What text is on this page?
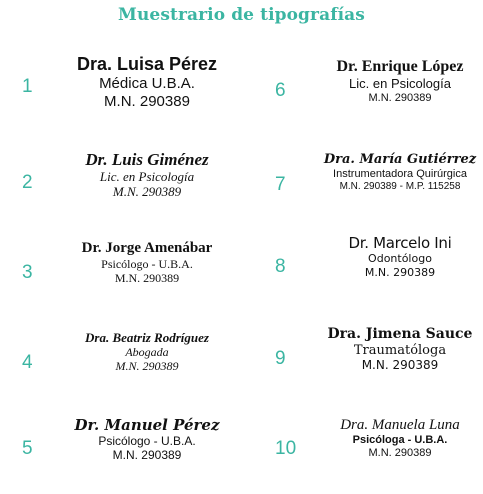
Muestrario de tipografías
1
Dra. Luisa Pérez
Médica U.B.A.
M.N. 290389
2
Dr. Luis Giménez
Lic. en Psicología
M.N. 290389
3
Dr. Jorge Amenábar
Psicólogo - U.B.A.
M.N. 290389
4
Dra. Beatriz Rodríguez
Abogada
M.N. 290389
5
Dr. Manuel Pérez
Psicólogo - U.B.A.
M.N. 290389
6
Dr. Enrique López
Lic. en Psicología
M.N. 290389
7
Dra. María Gutiérrez
Instrumentadora Quirúrgica
M.N. 290389 - M.P. 115258
8
Dr. Marcelo Ini
Odontólogo
M.N. 290389
9
Dra. Jimena Sauce
Traumatóloga
M.N. 290389
10
Dra. Manuela Luna
Psicóloga - U.B.A.
M.N. 290389
